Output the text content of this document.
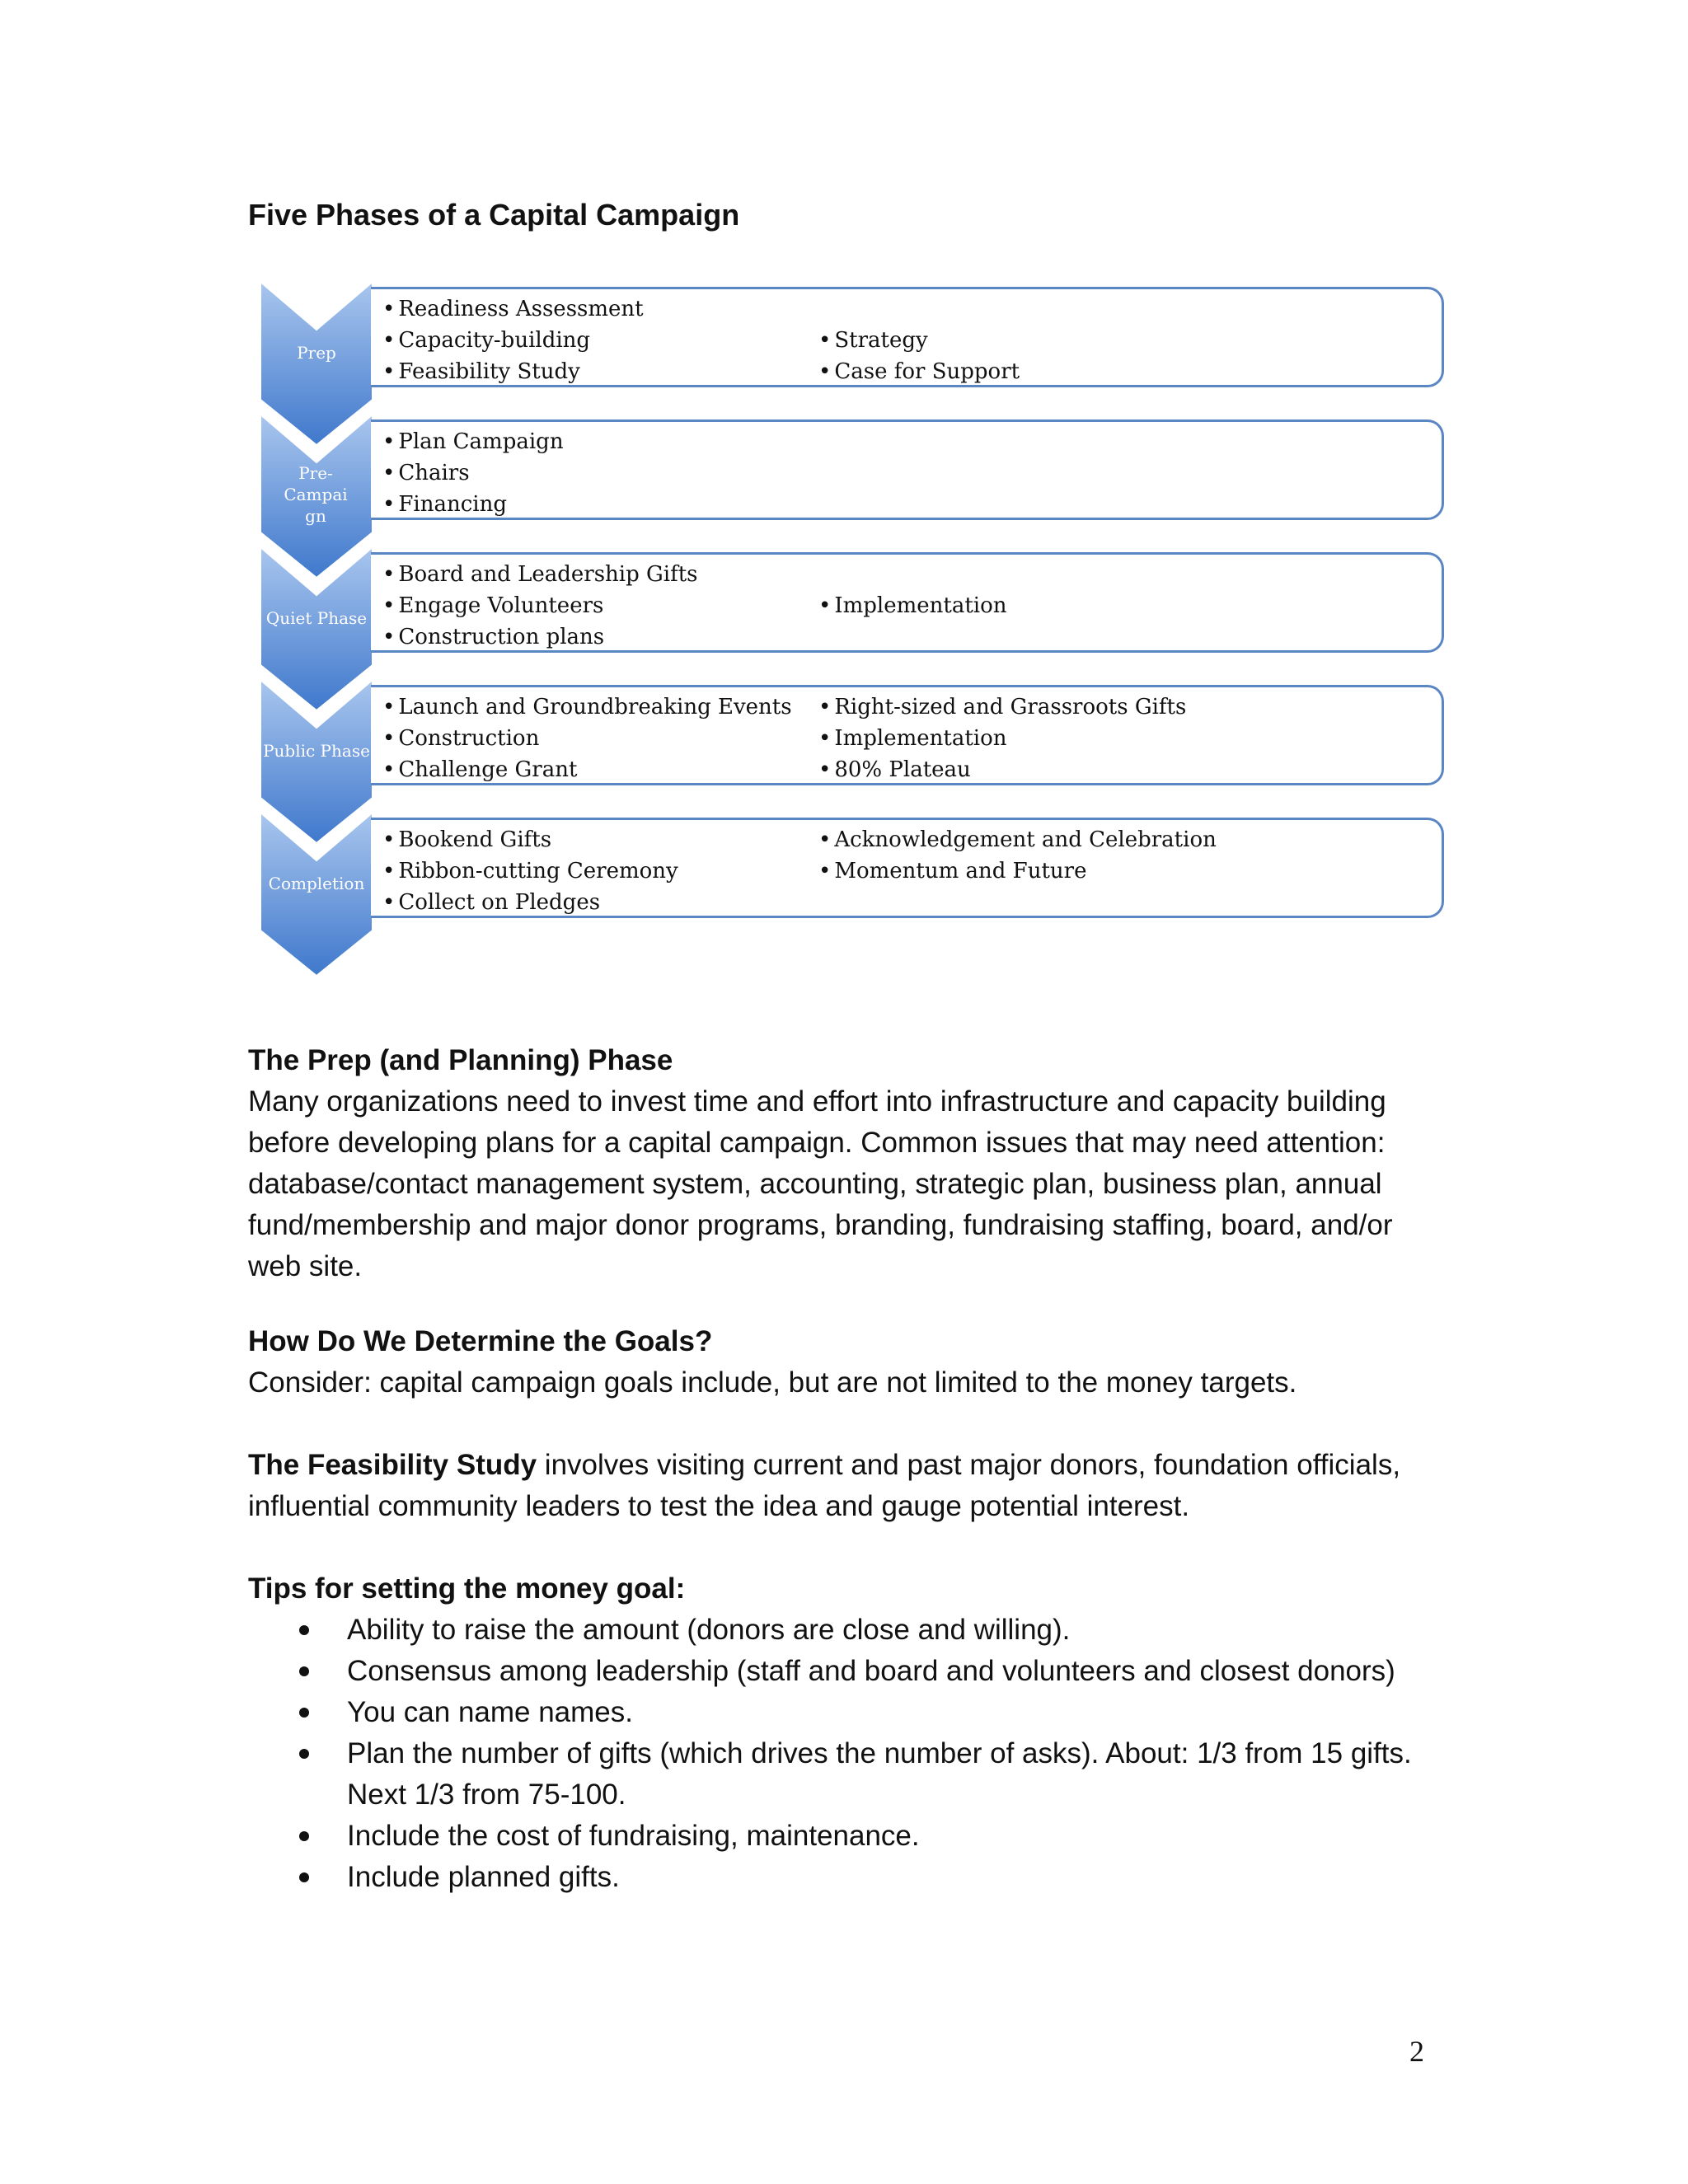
Five Phases of a Capital Campaign
Prep
• Readiness Assessment
• Capacity-building
• Feasibility Study
• Strategy
• Case for Support
Pre-Campaign
• Plan Campaign
• Chairs
• Financing
Quiet Phase
• Board and Leadership Gifts
• Engage Volunteers
• Construction plans
• Implementation
Public Phase
• Launch and Groundbreaking Events
• Construction
• Challenge Grant
• Right-sized and Grassroots Gifts
• Implementation
• 80% Plateau
Completion
• Bookend Gifts
• Ribbon-cutting Ceremony
• Collect on Pledges
• Acknowledgement and Celebration
• Momentum and Future

The Prep (and Planning) Phase

Many organizations need to invest time and effort into infrastructure and capacity building before developing plans for a capital campaign. Common issues that may need attention: database/contact management system, accounting, strategic plan, business plan, annual fund/membership and major donor programs, branding, fundraising staffing, board, and/or web site.

How Do We Determine the Goals?

Consider: capital campaign goals include, but are not limited to the money targets.

The Feasibility Study involves visiting current and past major donors, foundation officials, influential community leaders to test the idea and gauge potential interest.

Tips for setting the money goal:

Ability to raise the amount (donors are close and willing).
Consensus among leadership (staff and board and volunteers and closest donors)
You can name names.
Plan the number of gifts (which drives the number of asks). About: 1/3 from 15 gifts. Next 1/3 from 75-100.
Include the cost of fundraising, maintenance.
Include planned gifts.
2
